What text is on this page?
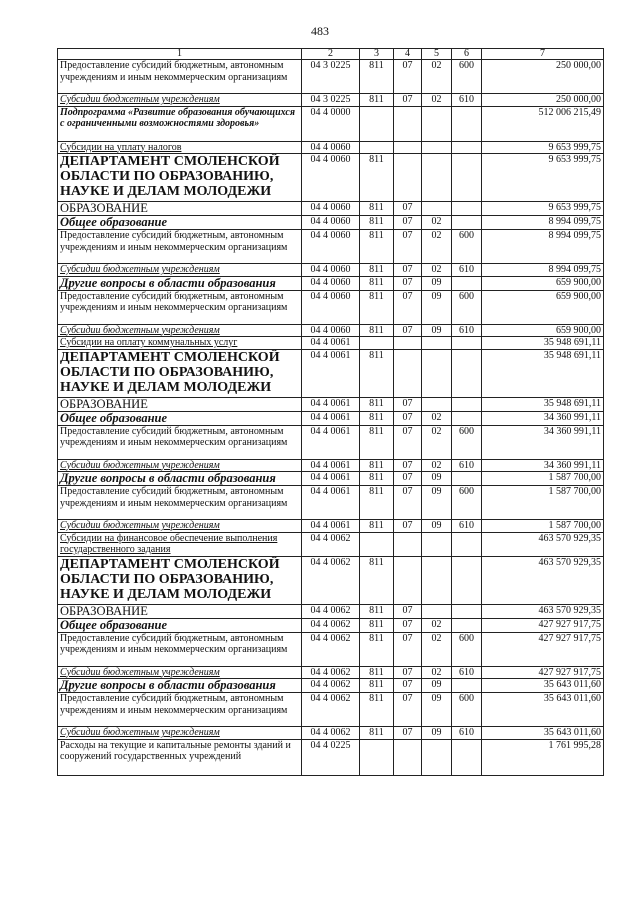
483
1	2	3	4	5	6	7
Предоставление субсидий бюджетным, автономным учреждениям и иным некоммерческим организациям	04 3 0225	811	07	02	600	250 000,00
Субсидии бюджетным учреждениям	04 3 0225	811	07	02	610	250 000,00
Подпрограмма «Развитие образования обучающихся с ограниченными возможностями здоровья»	04 4 0000					512 006 215,49
Субсидии на уплату налогов	04 4 0060					9 653 999,75
ДЕПАРТАМЕНТ СМОЛЕНСКОЙ ОБЛАСТИ ПО ОБРАЗОВАНИЮ, НАУКЕ И ДЕЛАМ МОЛОДЕЖИ	04 4 0060	811				9 653 999,75
ОБРАЗОВАНИЕ	04 4 0060	811	07			9 653 999,75
Общее образование	04 4 0060	811	07	02		8 994 099,75
Предоставление субсидий бюджетным, автономным учреждениям и иным некоммерческим организациям	04 4 0060	811	07	02	600	8 994 099,75
Субсидии бюджетным учреждениям	04 4 0060	811	07	02	610	8 994 099,75
Другие вопросы в области образования	04 4 0060	811	07	09		659 900,00
Предоставление субсидий бюджетным, автономным учреждениям и иным некоммерческим организациям	04 4 0060	811	07	09	600	659 900,00
Субсидии бюджетным учреждениям	04 4 0060	811	07	09	610	659 900,00
Субсидии на оплату коммунальных услуг	04 4 0061					35 948 691,11
ДЕПАРТАМЕНТ СМОЛЕНСКОЙ ОБЛАСТИ ПО ОБРАЗОВАНИЮ, НАУКЕ И ДЕЛАМ МОЛОДЕЖИ	04 4 0061	811				35 948 691,11
ОБРАЗОВАНИЕ	04 4 0061	811	07			35 948 691,11
Общее образование	04 4 0061	811	07	02		34 360 991,11
Предоставление субсидий бюджетным, автономным учреждениям и иным некоммерческим организациям	04 4 0061	811	07	02	600	34 360 991,11
Субсидии бюджетным учреждениям	04 4 0061	811	07	02	610	34 360 991,11
Другие вопросы в области образования	04 4 0061	811	07	09		1 587 700,00
Предоставление субсидий бюджетным, автономным учреждениям и иным некоммерческим организациям	04 4 0061	811	07	09	600	1 587 700,00
Субсидии бюджетным учреждениям	04 4 0061	811	07	09	610	1 587 700,00
Субсидии на финансовое обеспечение выполнения государственного задания	04 4 0062					463 570 929,35
ДЕПАРТАМЕНТ СМОЛЕНСКОЙ ОБЛАСТИ ПО ОБРАЗОВАНИЮ, НАУКЕ И ДЕЛАМ МОЛОДЕЖИ	04 4 0062	811				463 570 929,35
ОБРАЗОВАНИЕ	04 4 0062	811	07			463 570 929,35
Общее образование	04 4 0062	811	07	02		427 927 917,75
Предоставление субсидий бюджетным, автономным учреждениям и иным некоммерческим организациям	04 4 0062	811	07	02	600	427 927 917,75
Субсидии бюджетным учреждениям	04 4 0062	811	07	02	610	427 927 917,75
Другие вопросы в области образования	04 4 0062	811	07	09		35 643 011,60
Предоставление субсидий бюджетным, автономным учреждениям и иным некоммерческим организациям	04 4 0062	811	07	09	600	35 643 011,60
Субсидии бюджетным учреждениям	04 4 0062	811	07	09	610	35 643 011,60
Расходы на текущие и капитальные ремонты зданий и сооружений государственных учреждений	04 4 0225					1 761 995,28
